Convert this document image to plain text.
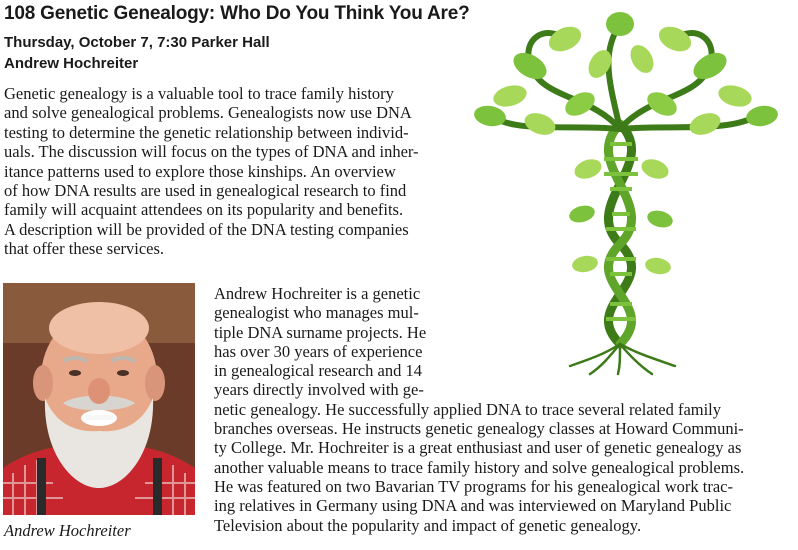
108 Genetic Genealogy: Who Do You Think You Are?
Thursday, October 7, 7:30 Parker Hall
Andrew Hochreiter
Genetic genealogy is a valuable tool to trace family history
and solve genealogical problems. Genealogists now use DNA
testing to determine the genetic relationship between individ-
uals. The discussion will focus on the types of DNA and inher-
itance patterns used to explore those kinships. An overview
of how DNA results are used in genealogical research to find
family will acquaint attendees on its popularity and benefits.
A description will be provided of the DNA testing companies
that offer these services.
Andrew Hochreiter
Andrew Hochreiter is a genetic
genealogist who manages mul-
tiple DNA surname projects. He
has over 30 years of experience
in genealogical research and 14
years directly involved with ge-
netic genealogy. He successfully applied DNA to trace several related family
branches overseas. He instructs genetic genealogy classes at Howard Communi-
ty College. Mr. Hochreiter is a great enthusiast and user of genetic genealogy as
another valuable means to trace family history and solve genealogical problems.
He was featured on two Bavarian TV programs for his genealogical work trac-
ing relatives in Germany using DNA and was interviewed on Maryland Public
Television about the popularity and impact of genetic genealogy.
